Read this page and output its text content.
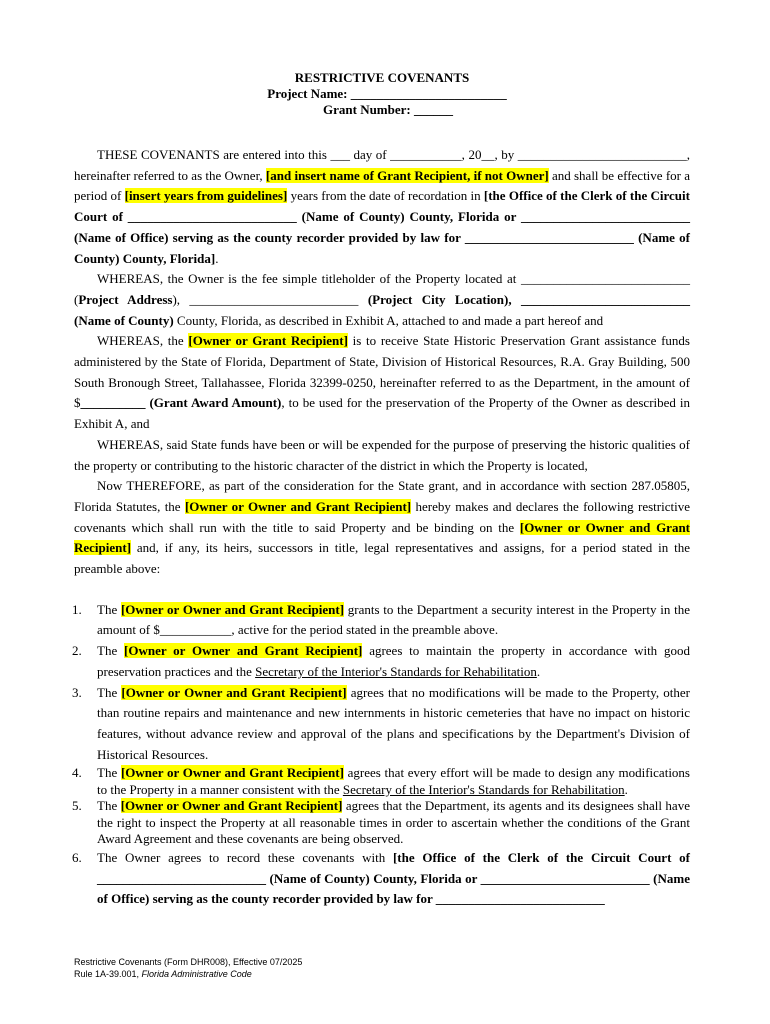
RESTRICTIVE COVENANTS
Project Name: ________________________
Grant Number: ______

THESE COVENANTS are entered into this ___ day of ___________, 20__, by __________________________, hereinafter referred to as the Owner, [and insert name of Grant Recipient, if not Owner] and shall be effective for a period of [insert years from guidelines] years from the date of recordation in [the Office of the Clerk of the Circuit Court of __________________________ (Name of County) County, Florida or __________________________ (Name of Office) serving as the county recorder provided by law for __________________________ (Name of County) County, Florida].

WHEREAS, the Owner is the fee simple titleholder of the Property located at __________________________ (Project Address), __________________________ (Project City Location), __________________________ (Name of County) County, Florida, as described in Exhibit A, attached to and made a part hereof and

WHEREAS, the [Owner or Grant Recipient] is to receive State Historic Preservation Grant assistance funds administered by the State of Florida, Department of State, Division of Historical Resources, R.A. Gray Building, 500 South Bronough Street, Tallahassee, Florida 32399-0250, hereinafter referred to as the Department, in the amount of $__________ (Grant Award Amount), to be used for the preservation of the Property of the Owner as described in Exhibit A, and

WHEREAS, said State funds have been or will be expended for the purpose of preserving the historic qualities of the property or contributing to the historic character of the district in which the Property is located,

Now THEREFORE, as part of the consideration for the State grant, and in accordance with section 287.05805, Florida Statutes, the [Owner or Owner and Grant Recipient] hereby makes and declares the following restrictive covenants which shall run with the title to said Property and be binding on the [Owner or Owner and Grant Recipient] and, if any, its heirs, successors in title, legal representatives and assigns, for a period stated in the preamble above:

1. The [Owner or Owner and Grant Recipient] grants to the Department a security interest in the Property in the amount of $___________, active for the period stated in the preamble above.
2. The [Owner or Owner and Grant Recipient] agrees to maintain the property in accordance with good preservation practices and the Secretary of the Interior's Standards for Rehabilitation.
3. The [Owner or Owner and Grant Recipient] agrees that no modifications will be made to the Property, other than routine repairs and maintenance and new internments in historic cemeteries that have no impact on historic features, without advance review and approval of the plans and specifications by the Department's Division of Historical Resources.
4. The [Owner or Owner and Grant Recipient] agrees that every effort will be made to design any modifications to the Property in a manner consistent with the Secretary of the Interior's Standards for Rehabilitation.
5. The [Owner or Owner and Grant Recipient] agrees that the Department, its agents and its designees shall have the right to inspect the Property at all reasonable times in order to ascertain whether the conditions of the Grant Award Agreement and these covenants are being observed.
6. The Owner agrees to record these covenants with [the Office of the Clerk of the Circuit Court of __________________________ (Name of County) County, Florida or __________________________ (Name of Office) serving as the county recorder provided by law for __________________________
Restrictive Covenants (Form DHR008), Effective 07/2025
Rule 1A-39.001, Florida Administrative Code
